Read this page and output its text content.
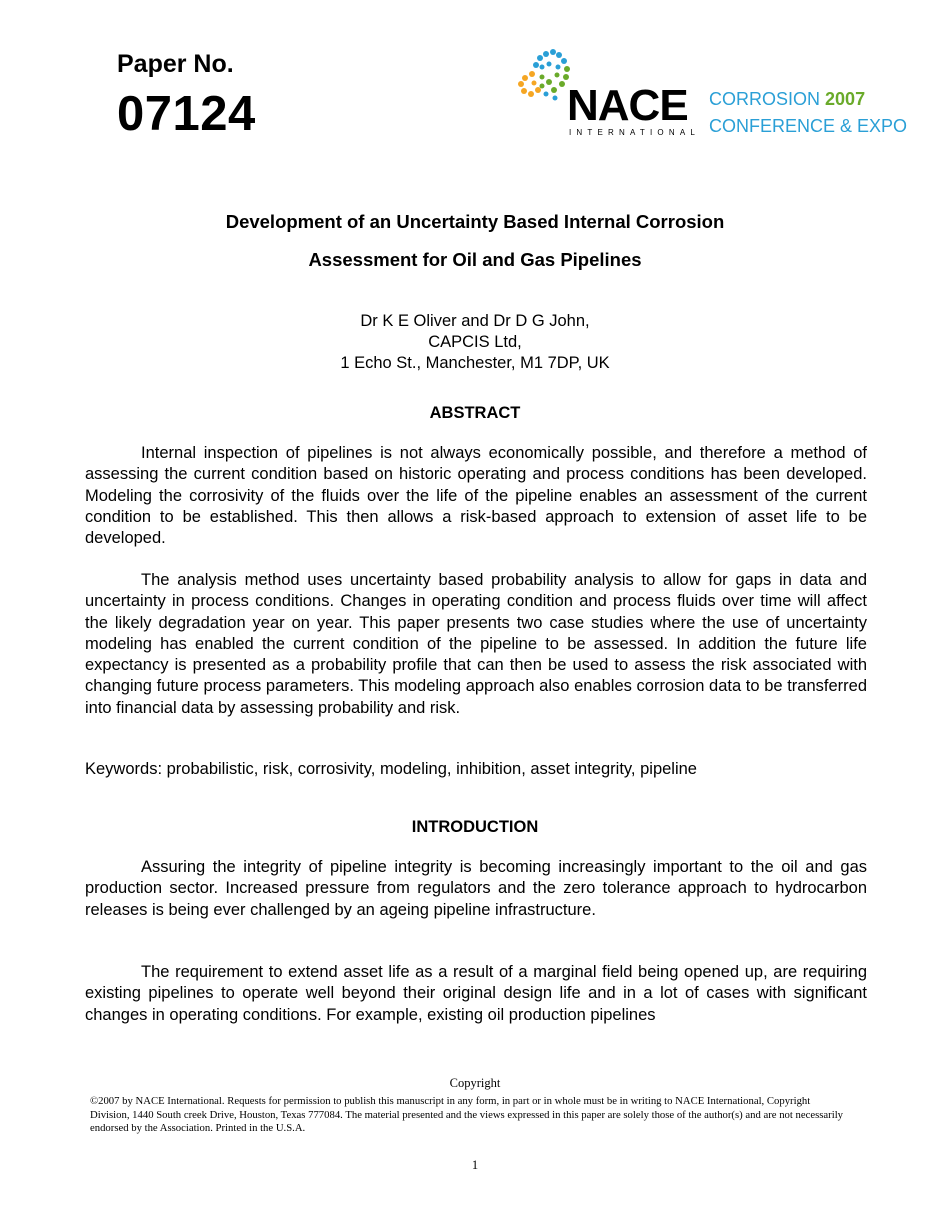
Paper No.
07124	NACE
INTERNATIONAL
CORROSION 2007
CONFERENCE & EXPO
Development of an Uncertainty Based Internal Corrosion
Assessment for Oil and Gas Pipelines
Dr K E Oliver and Dr D G John,
CAPCIS Ltd,
1 Echo St., Manchester, M1 7DP, UK
ABSTRACT
Internal inspection of pipelines is not always economically possible, and therefore a method of assessing the current condition based on historic operating and process conditions has been developed. Modeling the corrosivity of the fluids over the life of the pipeline enables an assessment of the current condition to be established. This then allows a risk-based approach to extension of asset life to be developed.
The analysis method uses uncertainty based probability analysis to allow for gaps in data and uncertainty in process conditions. Changes in operating condition and process fluids over time will affect the likely degradation year on year. This paper presents two case studies where the use of uncertainty modeling has enabled the current condition of the pipeline to be assessed. In addition the future life expectancy is presented as a probability profile that can then be used to assess the risk associated with changing future process parameters. This modeling approach also enables corrosion data to be transferred into financial data by assessing probability and risk.
Keywords: probabilistic, risk, corrosivity, modeling, inhibition, asset integrity, pipeline
INTRODUCTION
Assuring the integrity of pipeline integrity is becoming increasingly important to the oil and gas production sector. Increased pressure from regulators and the zero tolerance approach to hydrocarbon releases is being ever challenged by an ageing pipeline infrastructure.
The requirement to extend asset life as a result of a marginal field being opened up, are requiring existing pipelines to operate well beyond their original design life and in a lot of cases with significant changes in operating conditions. For example, existing oil production pipelines
Copyright
©2007 by NACE International. Requests for permission to publish this manuscript in any form, in part or in whole must be in writing to NACE International, Copyright Division, 1440 South creek Drive, Houston, Texas 777084. The material presented and the views expressed in this paper are solely those of the author(s) and are not necessarily endorsed by the Association. Printed in the U.S.A.
1
